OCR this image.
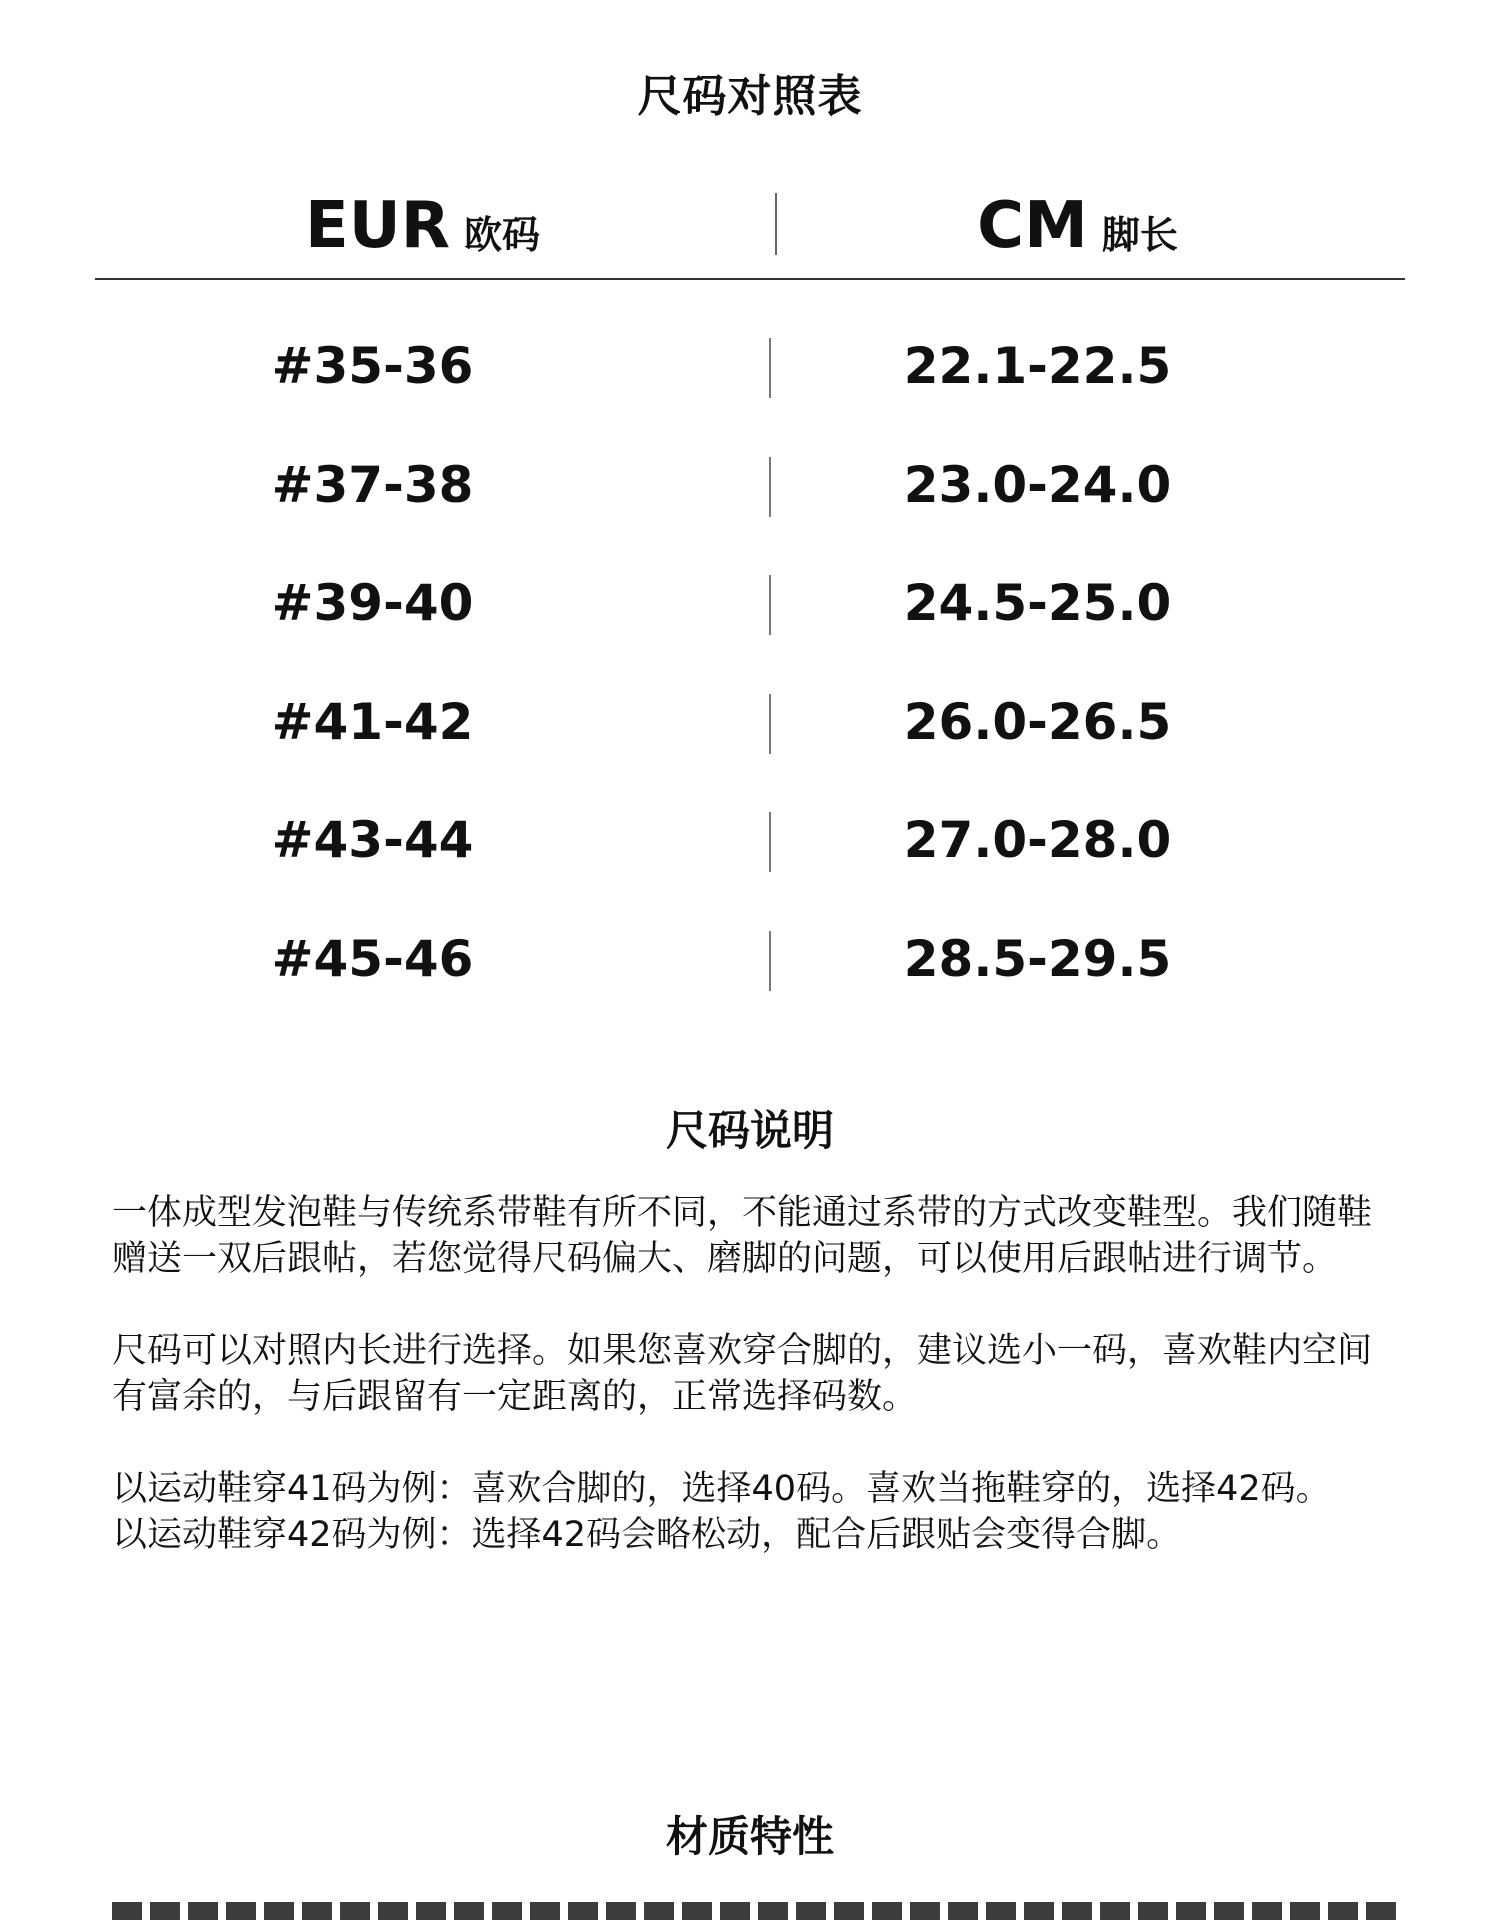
尺码对照表
EUR 欧码	CM 脚长
#35-36	22.1-22.5
#37-38	23.0-24.0
#39-40	24.5-25.0
#41-42	26.0-26.5
#43-44	27.0-28.0
#45-46	28.5-29.5
尺码说明

一体成型发泡鞋与传统系带鞋有所不同，不能通过系带的方式改变鞋型。我们随鞋赠送一双后跟帖，若您觉得尺码偏大、磨脚的问题，可以使用后跟帖进行调节。

尺码可以对照内长进行选择。如果您喜欢穿合脚的，建议选小一码，喜欢鞋内空间有富余的，与后跟留有一定距离的，正常选择码数。

以运动鞋穿41码为例：喜欢合脚的，选择40码。喜欢当拖鞋穿的，选择42码。

以运动鞋穿42码为例：选择42码会略松动，配合后跟贴会变得合脚。

材质特性
